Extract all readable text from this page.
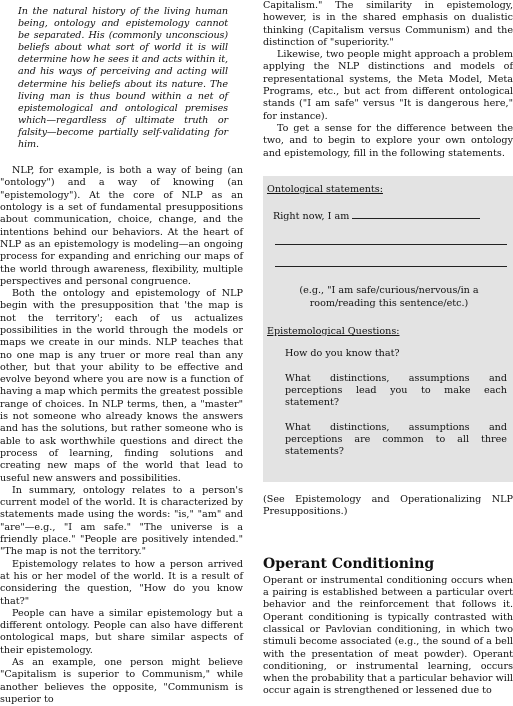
In the natural history of the living human being, ontology and epistemology cannot be separated. His (commonly unconscious) beliefs about what sort of world it is will determine how he sees it and acts within it, and his ways of perceiving and acting will determine his beliefs about its nature. The living man is thus bound within a net of epistemological and ontological premises which—regardless of ultimate truth or falsity—become partially self-validating for him.

NLP, for example, is both a way of being (an "ontology") and a way of knowing (an "epistemology"). At the core of NLP as an ontology is a set of fundamental presuppositions about communication, choice, change, and the intentions behind our behaviors. At the heart of NLP as an epistemology is modeling—an ongoing process for expanding and enriching our maps of the world through awareness, flexibility, multiple perspectives and personal congruence.

Both the ontology and epistemology of NLP begin with the presupposition that 'the map is not the territory'; each of us actualizes possibilities in the world through the models or maps we create in our minds. NLP teaches that no one map is any truer or more real than any other, but that your ability to be effective and evolve beyond where you are now is a function of having a map which permits the greatest possible range of choices. In NLP terms, then, a "master" is not someone who already knows the answers and has the solutions, but rather someone who is able to ask worthwhile questions and direct the process of learning, finding solutions and creating new maps of the world that lead to useful new answers and possibilities.

In summary, ontology relates to a person's current model of the world. It is characterized by statements made using the words: "is," "am" and "are"—e.g., "I am safe." "The universe is a friendly place." "People are positively intended." "The map is not the territory."

Epistemology relates to how a person arrived at his or her model of the world. It is a result of considering the question, "How do you know that?"

People can have a similar epistemology but a different ontology. People can also have different ontological maps, but share similar aspects of their epistemology.

As an example, one person might believe "Capitalism is superior to Communism," while another believes the opposite, "Communism is superior to

Capitalism." The similarity in epistemology, however, is in the shared emphasis on dualistic thinking (Capitalism versus Communism) and the distinction of "superiority."

Likewise, two people might approach a problem applying the NLP distinctions and models of representational systems, the Meta Model, Meta Programs, etc., but act from different ontological stands ("I am safe" versus "It is dangerous here," for instance).

To get a sense for the difference between the two, and to begin to explore your own ontology and epistemology, fill in the following statements.

Ontological statements:

Right now, I am

(e.g., "I am safe/curious/nervous/in a room/reading this sentence/etc.)

Epistemological Questions:

How do you know that?

What distinctions, assumptions and perceptions lead you to make each statement?

What distinctions, assumptions and perceptions are common to all three statements?

(See Epistemology and Operationalizing NLP Presuppositions.)

Operant Conditioning

Operant or instrumental conditioning occurs when a pairing is established between a particular overt behavior and the reinforcement that follows it. Operant conditioning is typically contrasted with classical or Pavlovian conditioning, in which two stimuli become associated (e.g., the sound of a bell with the presentation of meat powder). Operant conditioning, or instrumental learning, occurs when the probability that a particular behavior will occur again is strengthened or lessened due to
